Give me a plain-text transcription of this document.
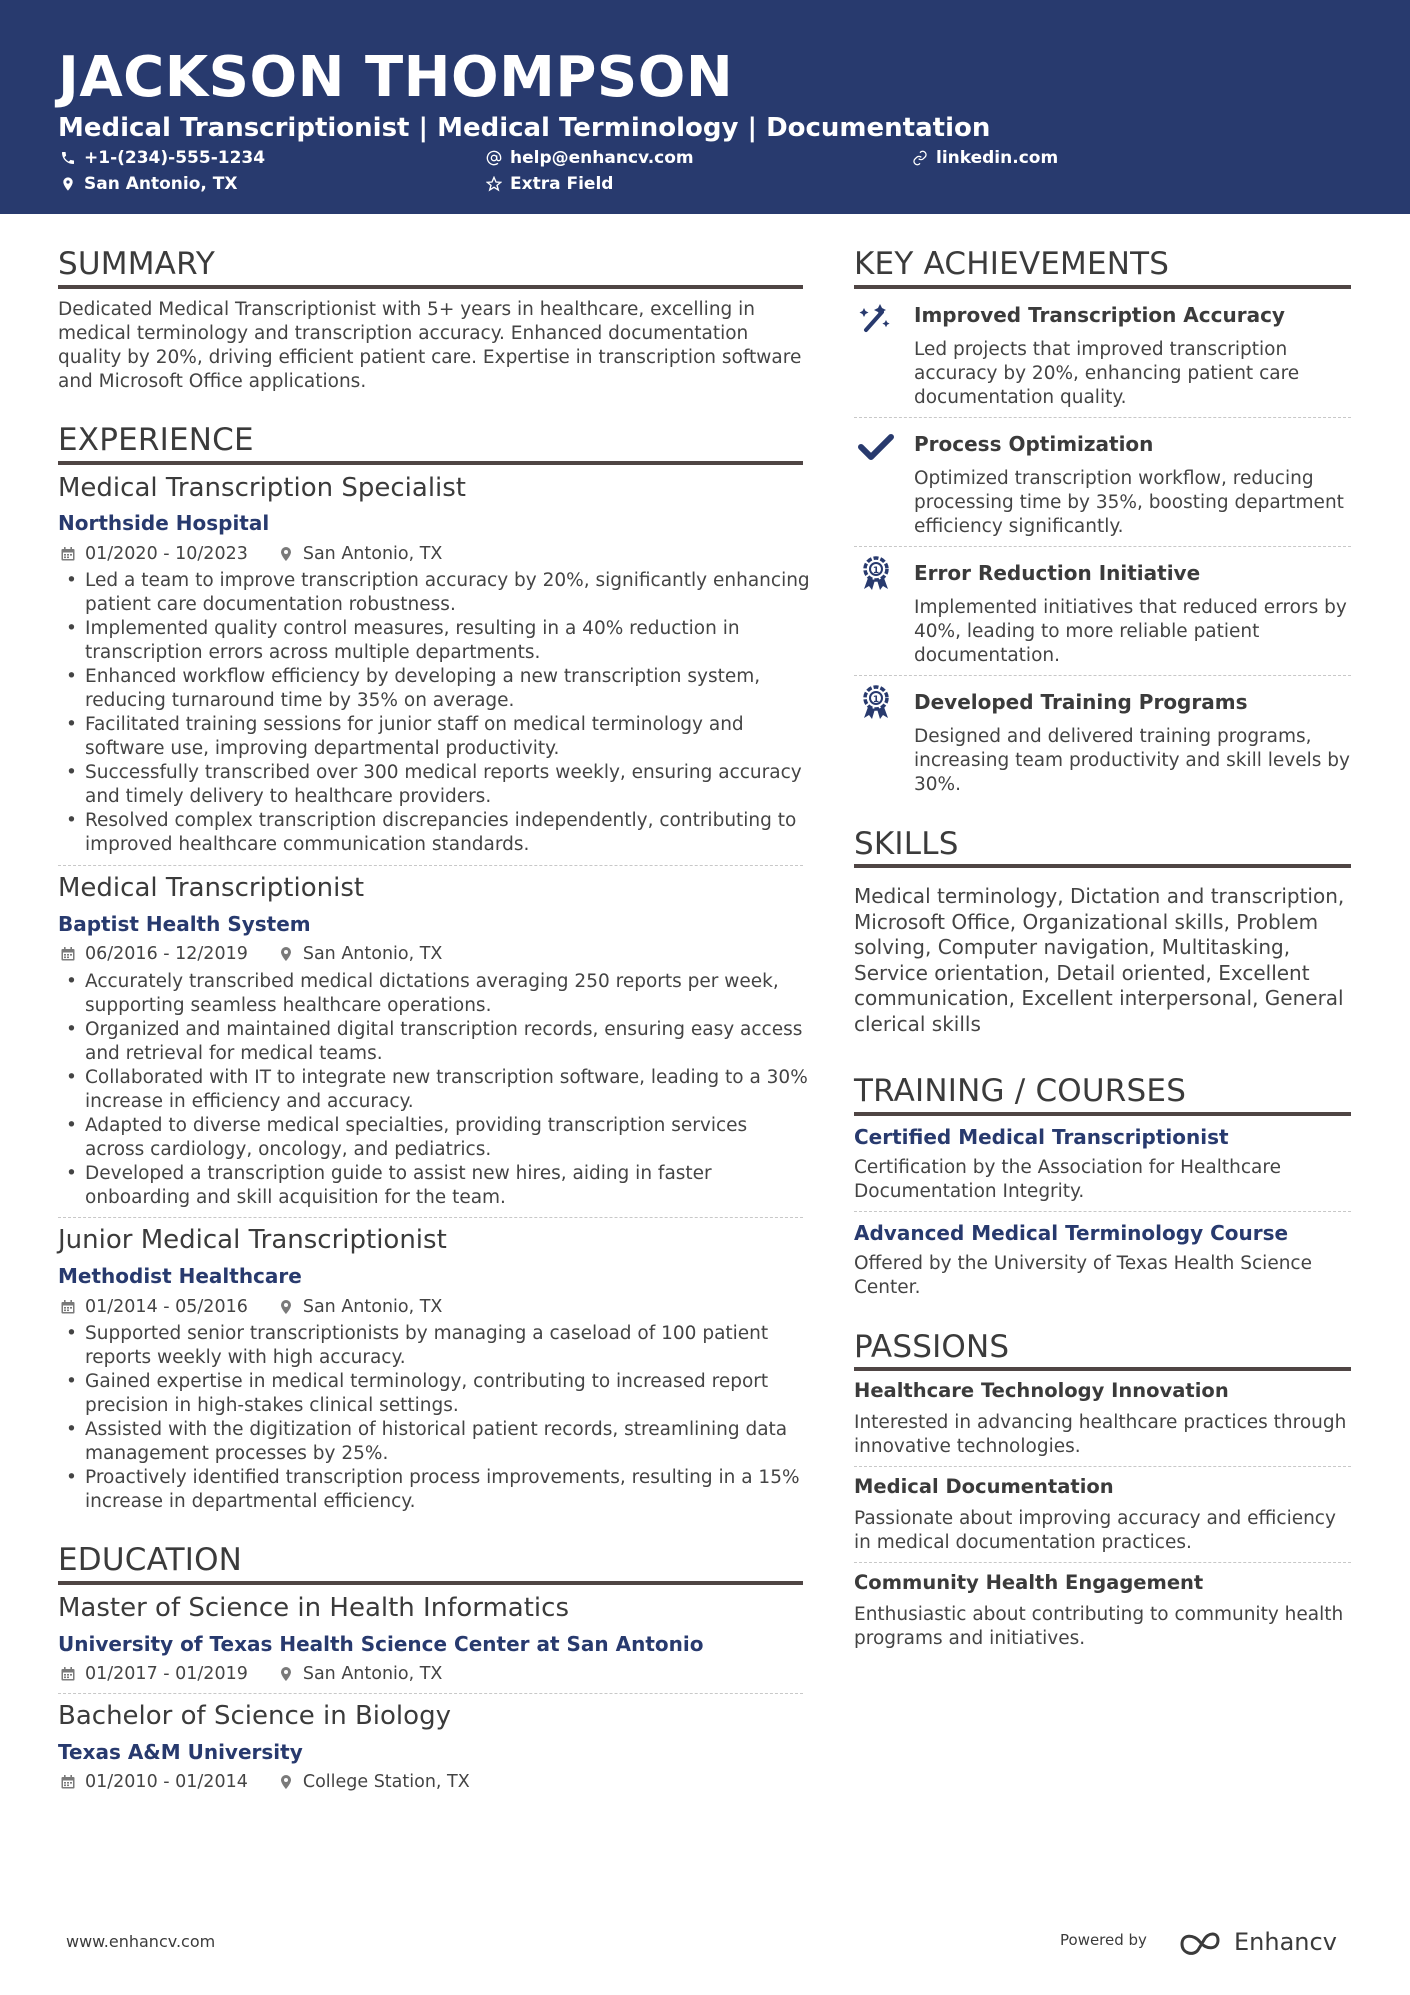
JACKSON THOMPSON
Medical Transcriptionist | Medical Terminology | Documentation
+1-(234)-555-1234	help@enhancv.com	linkedin.com
San Antonio, TX	Extra Field
SUMMARY
Dedicated Medical Transcriptionist with 5+ years in healthcare, excelling in
medical terminology and transcription accuracy. Enhanced documentation
quality by 20%, driving efficient patient care. Expertise in transcription software
and Microsoft Office applications.
EXPERIENCE
Medical Transcription Specialist
Northside Hospital
01/2020 - 10/2023	San Antonio, TX
• Led a team to improve transcription accuracy by 20%, significantly enhancing
patient care documentation robustness.
• Implemented quality control measures, resulting in a 40% reduction in
transcription errors across multiple departments.
• Enhanced workflow efficiency by developing a new transcription system,
reducing turnaround time by 35% on average.
• Facilitated training sessions for junior staff on medical terminology and
software use, improving departmental productivity.
• Successfully transcribed over 300 medical reports weekly, ensuring accuracy
and timely delivery to healthcare providers.
• Resolved complex transcription discrepancies independently, contributing to
improved healthcare communication standards.
Medical Transcriptionist
Baptist Health System
06/2016 - 12/2019	San Antonio, TX
• Accurately transcribed medical dictations averaging 250 reports per week,
supporting seamless healthcare operations.
• Organized and maintained digital transcription records, ensuring easy access
and retrieval for medical teams.
• Collaborated with IT to integrate new transcription software, leading to a 30%
increase in efficiency and accuracy.
• Adapted to diverse medical specialties, providing transcription services
across cardiology, oncology, and pediatrics.
• Developed a transcription guide to assist new hires, aiding in faster
onboarding and skill acquisition for the team.
Junior Medical Transcriptionist
Methodist Healthcare
01/2014 - 05/2016	San Antonio, TX
• Supported senior transcriptionists by managing a caseload of 100 patient
reports weekly with high accuracy.
• Gained expertise in medical terminology, contributing to increased report
precision in high-stakes clinical settings.
• Assisted with the digitization of historical patient records, streamlining data
management processes by 25%.
• Proactively identified transcription process improvements, resulting in a 15%
increase in departmental efficiency.
EDUCATION
Master of Science in Health Informatics
University of Texas Health Science Center at San Antonio
01/2017 - 01/2019	San Antonio, TX
Bachelor of Science in Biology
Texas A&M University
01/2010 - 01/2014	College Station, TX
KEY ACHIEVEMENTS
Improved Transcription Accuracy
Led projects that improved transcription
accuracy by 20%, enhancing patient care
documentation quality.
Process Optimization
Optimized transcription workflow, reducing
processing time by 35%, boosting department
efficiency significantly.
1 Error Reduction Initiative
Implemented initiatives that reduced errors by
40%, leading to more reliable patient
documentation.
1 Developed Training Programs
Designed and delivered training programs,
increasing team productivity and skill levels by
30%.
SKILLS
Medical terminology, Dictation and transcription,
Microsoft Office, Organizational skills, Problem
solving, Computer navigation, Multitasking,
Service orientation, Detail oriented, Excellent
communication, Excellent interpersonal, General
clerical skills
TRAINING / COURSES
Certified Medical Transcriptionist
Certification by the Association for Healthcare
Documentation Integrity.
Advanced Medical Terminology Course
Offered by the University of Texas Health Science
Center.
PASSIONS
Healthcare Technology Innovation
Interested in advancing healthcare practices through
innovative technologies.
Medical Documentation
Passionate about improving accuracy and efficiency
in medical documentation practices.
Community Health Engagement
Enthusiastic about contributing to community health
programs and initiatives.
www.enhancv.com	Powered by	Enhancv
